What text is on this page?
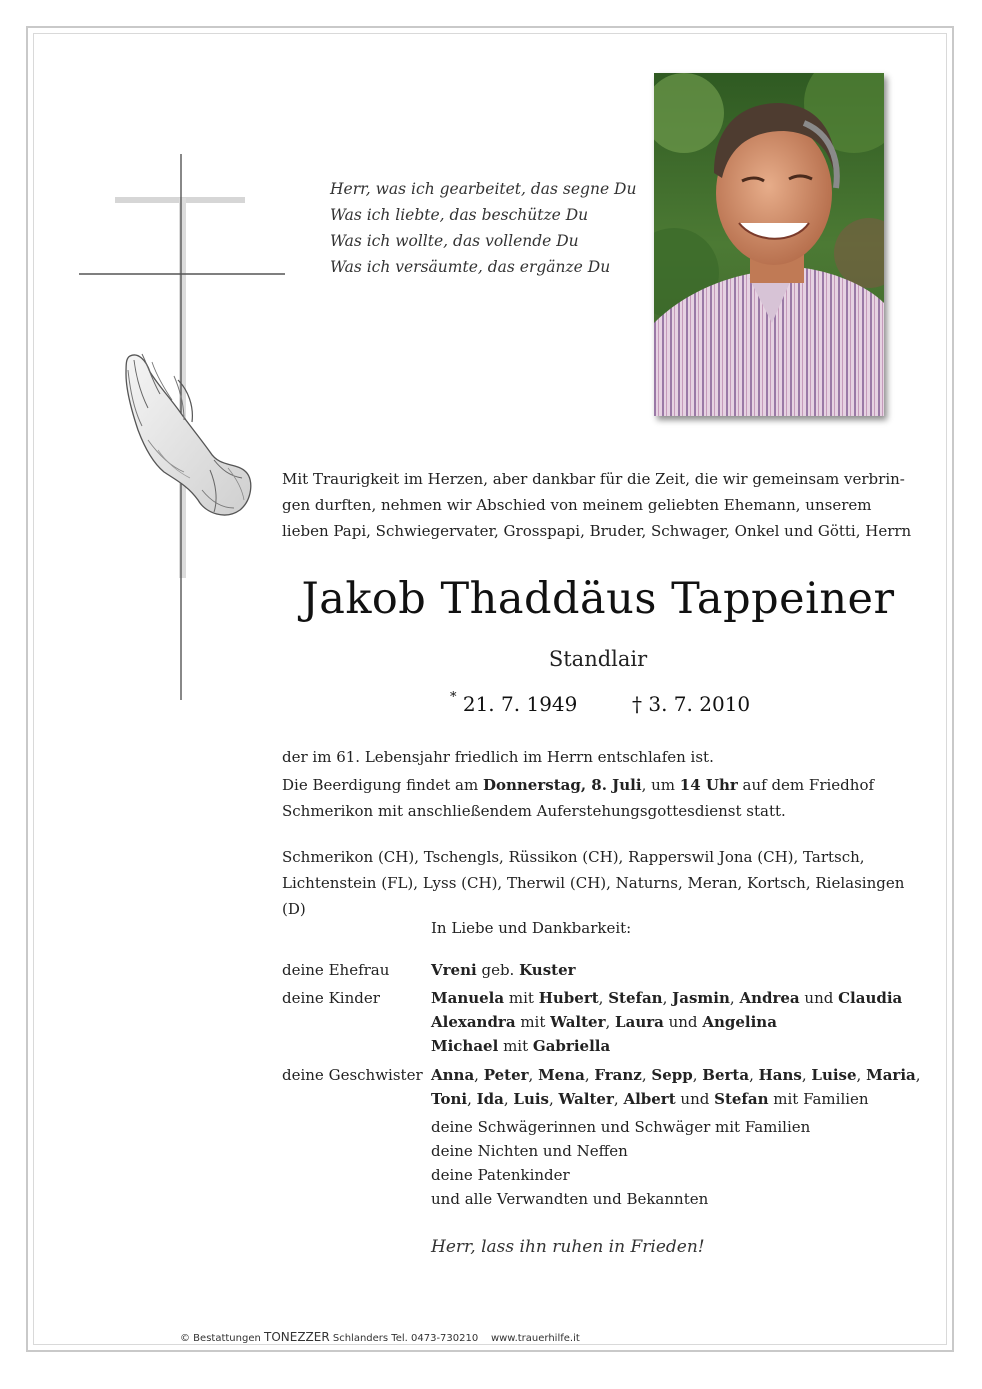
Herr, was ich gearbeitet, das segne Du
Was ich liebte, das beschütze Du
Was ich wollte, das vollende Du
Was ich versäumte, das ergänze Du
Mit Traurigkeit im Herzen, aber dankbar für die Zeit, die wir gemeinsam verbrin-
gen durften, nehmen wir Abschied von meinem geliebten Ehemann, unserem
lieben Papi, Schwiegervater, Grosspapi, Bruder, Schwager, Onkel und Götti, Herrn
Jakob Thaddäus Tappeiner
Standlair
* 21. 7. 1949	† 3. 7. 2010
der im 61. Lebensjahr friedlich im Herrn entschlafen ist.
Die Beerdigung findet am Donnerstag, 8. Juli, um 14 Uhr auf dem Friedhof
Schmerikon mit anschließendem Auferstehungsgottesdienst statt.
Schmerikon (CH), Tschengls, Rüssikon (CH), Rapperswil Jona (CH), Tartsch,
Lichtenstein (FL), Lyss (CH), Therwil (CH), Naturns, Meran, Kortsch, Rielasingen (D)
In Liebe und Dankbarkeit:
deine Ehefrau	Vreni geb. Kuster
deine Kinder	Manuela mit Hubert, Stefan, Jasmin, Andrea und Claudia
Alexandra mit Walter, Laura und Angelina
Michael mit Gabriella
deine Geschwister Anna, Peter, Mena, Franz, Sepp, Berta, Hans, Luise, Maria,
Toni, Ida, Luis, Walter, Albert und Stefan mit Familien
deine Schwägerinnen und Schwäger mit Familien
deine Nichten und Neffen
deine Patenkinder
und alle Verwandten und Bekannten
Herr, lass ihn ruhen in Frieden!
© Bestattungen TONEZZER Schlanders Tel. 0473-730210 www.trauerhilfe.it
